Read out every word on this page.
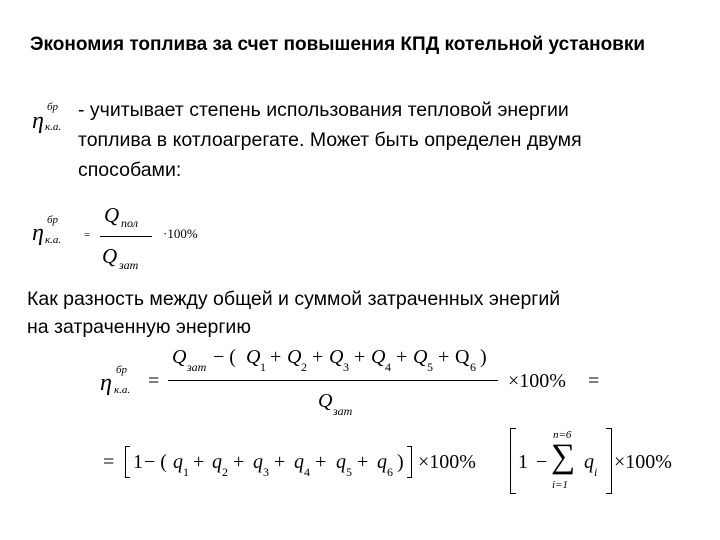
Экономия топлива за счет повышения КПД котельной установки
η
бр
к.а.
- учитывает степень использования тепловой энергии
топлива в котлоагрегате. Может быть определен двумя
способами:
η бр
к.а. =
Q пол
Q зат
·100%
Как разность между общей и суммой затраченных энергий
на затраченную энергию
η бр
к.а. =
Q зат − ( Q 1 + Q 2 + Q 3 + Q 4 + Q 5 + Q 6 )
Q зат
×100% =
= 1 − ( q 1 + q 2 + q 3 + q 4 + q 5 + q 6 ) ×100% 1 −
n=6
∑
i=1
q i ×100%
